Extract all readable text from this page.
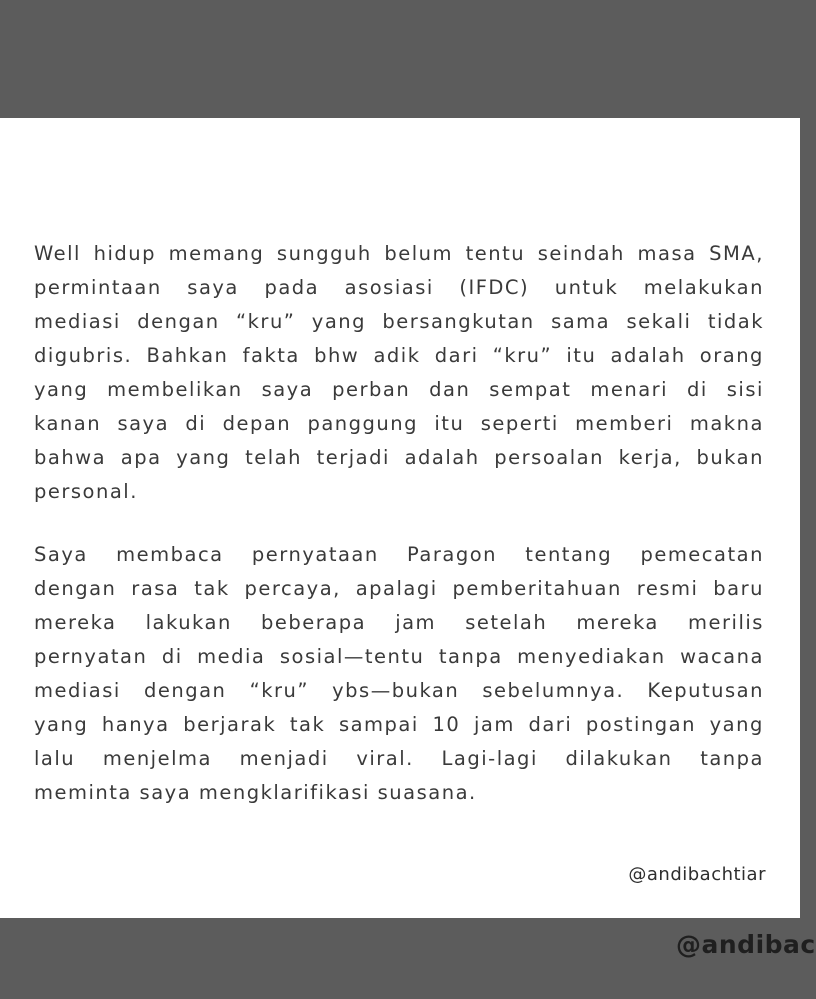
Well hidup memang sungguh belum tentu seindah masa SMA,
permintaan saya pada asosiasi (IFDC) untuk melakukan
mediasi dengan “kru” yang bersangkutan sama sekali tidak
digubris. Bahkan fakta bhw adik dari “kru” itu adalah orang
yang membelikan saya perban dan sempat menari di sisi
kanan saya di depan panggung itu seperti memberi makna
bahwa apa yang telah terjadi adalah persoalan kerja, bukan
personal.
Saya membaca pernyataan Paragon tentang pemecatan
dengan rasa tak percaya, apalagi pemberitahuan resmi baru
mereka lakukan beberapa jam setelah mereka merilis
pernyatan di media sosial—tentu tanpa menyediakan wacana
mediasi dengan “kru” ybs—bukan sebelumnya. Keputusan
yang hanya berjarak tak sampai 10 jam dari postingan yang
lalu menjelma menjadi viral. Lagi-lagi dilakukan tanpa
meminta saya mengklarifikasi suasana.
@andibachtiar
@andibac
